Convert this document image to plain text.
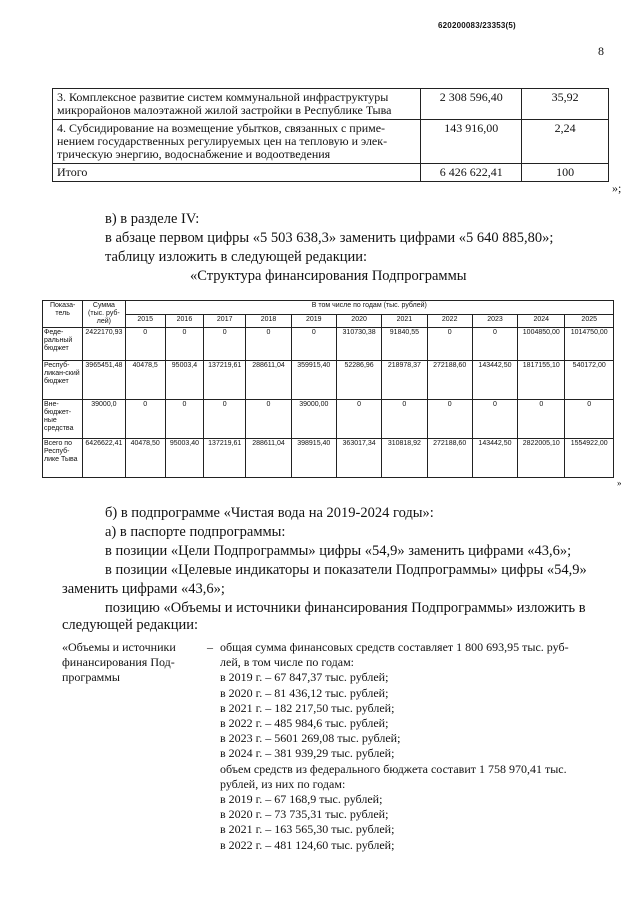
620200083/23353(5)
8
3. Комплексное развитие систем коммунальной инфраструктуры
микрорайонов малоэтажной жилой застройки в Республике Тыва	2 308 596,40	35,92

4. Субсидирование на возмещение убытков, связанных с приме-
нением государственных регулируемых цен на тепловую и элек-
трическую энергию, водоснабжение и водоотведения	143 916,00	2,24
Итого	6 426 622,41	100
»;
в) в разделе IV:
в абзаце первом цифры «5 503 638,3» заменить цифрами «5 640 885,80»;
таблицу изложить в следующей редакции:
«Структура финансирования Подпрограммы
Показа-тель	Сумма (тыс. руб-лей)	В том числе по годам (тыс. рублей)										
		2015	2016	2017	2018	2019	2020	2021	2022	2023	2024	2025
Феде-ральный бюджет	2422170,93	0	0	0	0	0	310730,38	91840,55	0	0	1004850,00	1014750,00
Респуб-ликан-ский бюджет	3965451,48	40478,5	95003,4	137219,61	288611,04	359915,40	52286,96	218978,37	272188,60	143442,50	1817155,10	540172,00
Вне-бюджет-ные средства	39000,0	0	0	0	0	39000,00	0	0	0	0	0	0
Всего по Респуб-лике Тыва	6426622,41	40478,50	95003,40	137219,61	288611,04	398915,40	363017,34	310818,92	272188,60	143442,50	2822005,10	1554922,00
»
б) в подпрограмме «Чистая вода на 2019-2024 годы»:
а) в паспорте подпрограммы:
в позиции «Цели Подпрограммы» цифры «54,9» заменить цифрами «43,6»;
в позиции «Целевые индикаторы и показатели Подпрограммы» цифры «54,9»
заменить цифрами «43,6»;
позицию «Объемы и источники финансирования Подпрограммы» изложить в
следующей редакции:
«Объемы и источники
финансирования Под-
программы
– общая сумма финансовых средств составляет 1 800 693,95 тыс. руб-
лей, в том числе по годам:
в 2019 г. – 67 847,37 тыс. рублей;
в 2020 г. – 81 436,12 тыс. рублей;
в 2021 г. – 182 217,50 тыс. рублей;
в 2022 г. – 485 984,6 тыс. рублей;
в 2023 г. – 5601 269,08 тыс. рублей;
в 2024 г. – 381 939,29 тыс. рублей;
объем средств из федерального бюджета составит 1 758 970,41 тыс.
рублей, из них по годам:
в 2019 г. – 67 168,9 тыс. рублей;
в 2020 г. – 73 735,31 тыс. рублей;
в 2021 г. – 163 565,30 тыс. рублей;
в 2022 г. – 481 124,60 тыс. рублей;
